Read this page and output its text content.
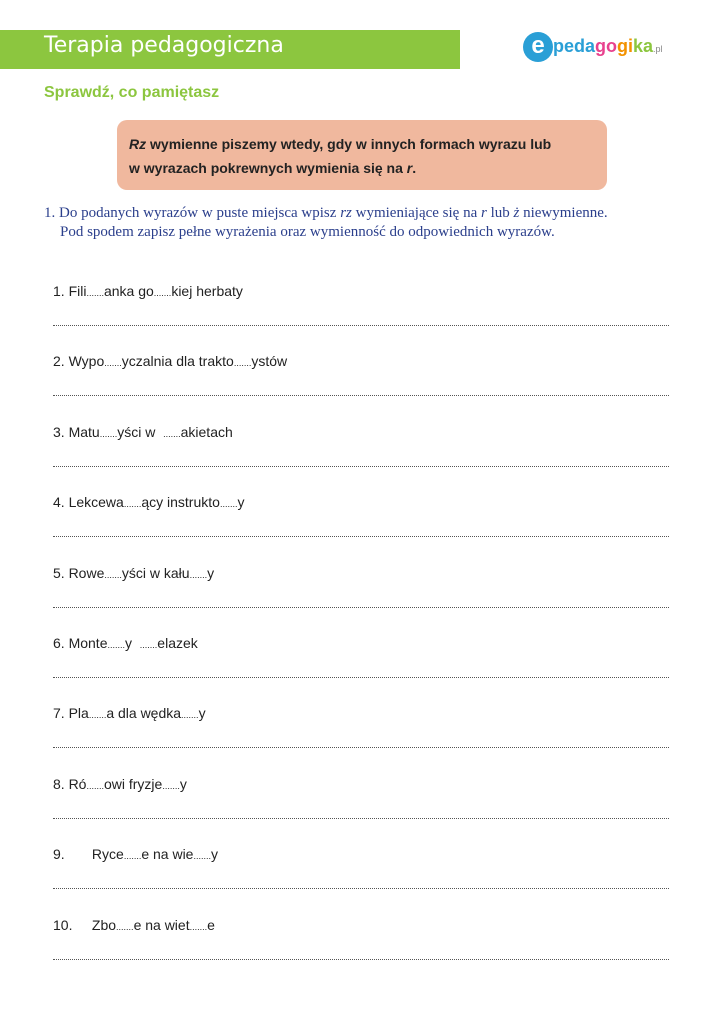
Terapia pedagogiczna	e pedagogika.pl
Sprawdź, co pamiętasz
Rz wymienne piszemy wtedy, gdy w innych formach wyrazu lub
w wyrazach pokrewnych wymienia się na r.
1. Do podanych wyrazów w puste miejsca wpisz rz wymieniające się na r lub ż niewymienne.
Pod spodem zapisz pełne wyrażenia oraz wymienność do odpowiednich wyrazów.
1. Fili.......anka go.......kiej herbaty
2. Wypo.......yczalnia dla trakto.......ystów
3. Matu.......yści w  .......akietach
4. Lekcewa.......ący instrukto.......y
5. Rowe.......yści w kału.......y
6. Monte.......y  .......elazek
7. Pla.......a dla wędka.......y
8. Ró.......owi fryzje.......y
9.       Ryce.......e na wie.......y
10.     Zbo.......e na wiet.......e
